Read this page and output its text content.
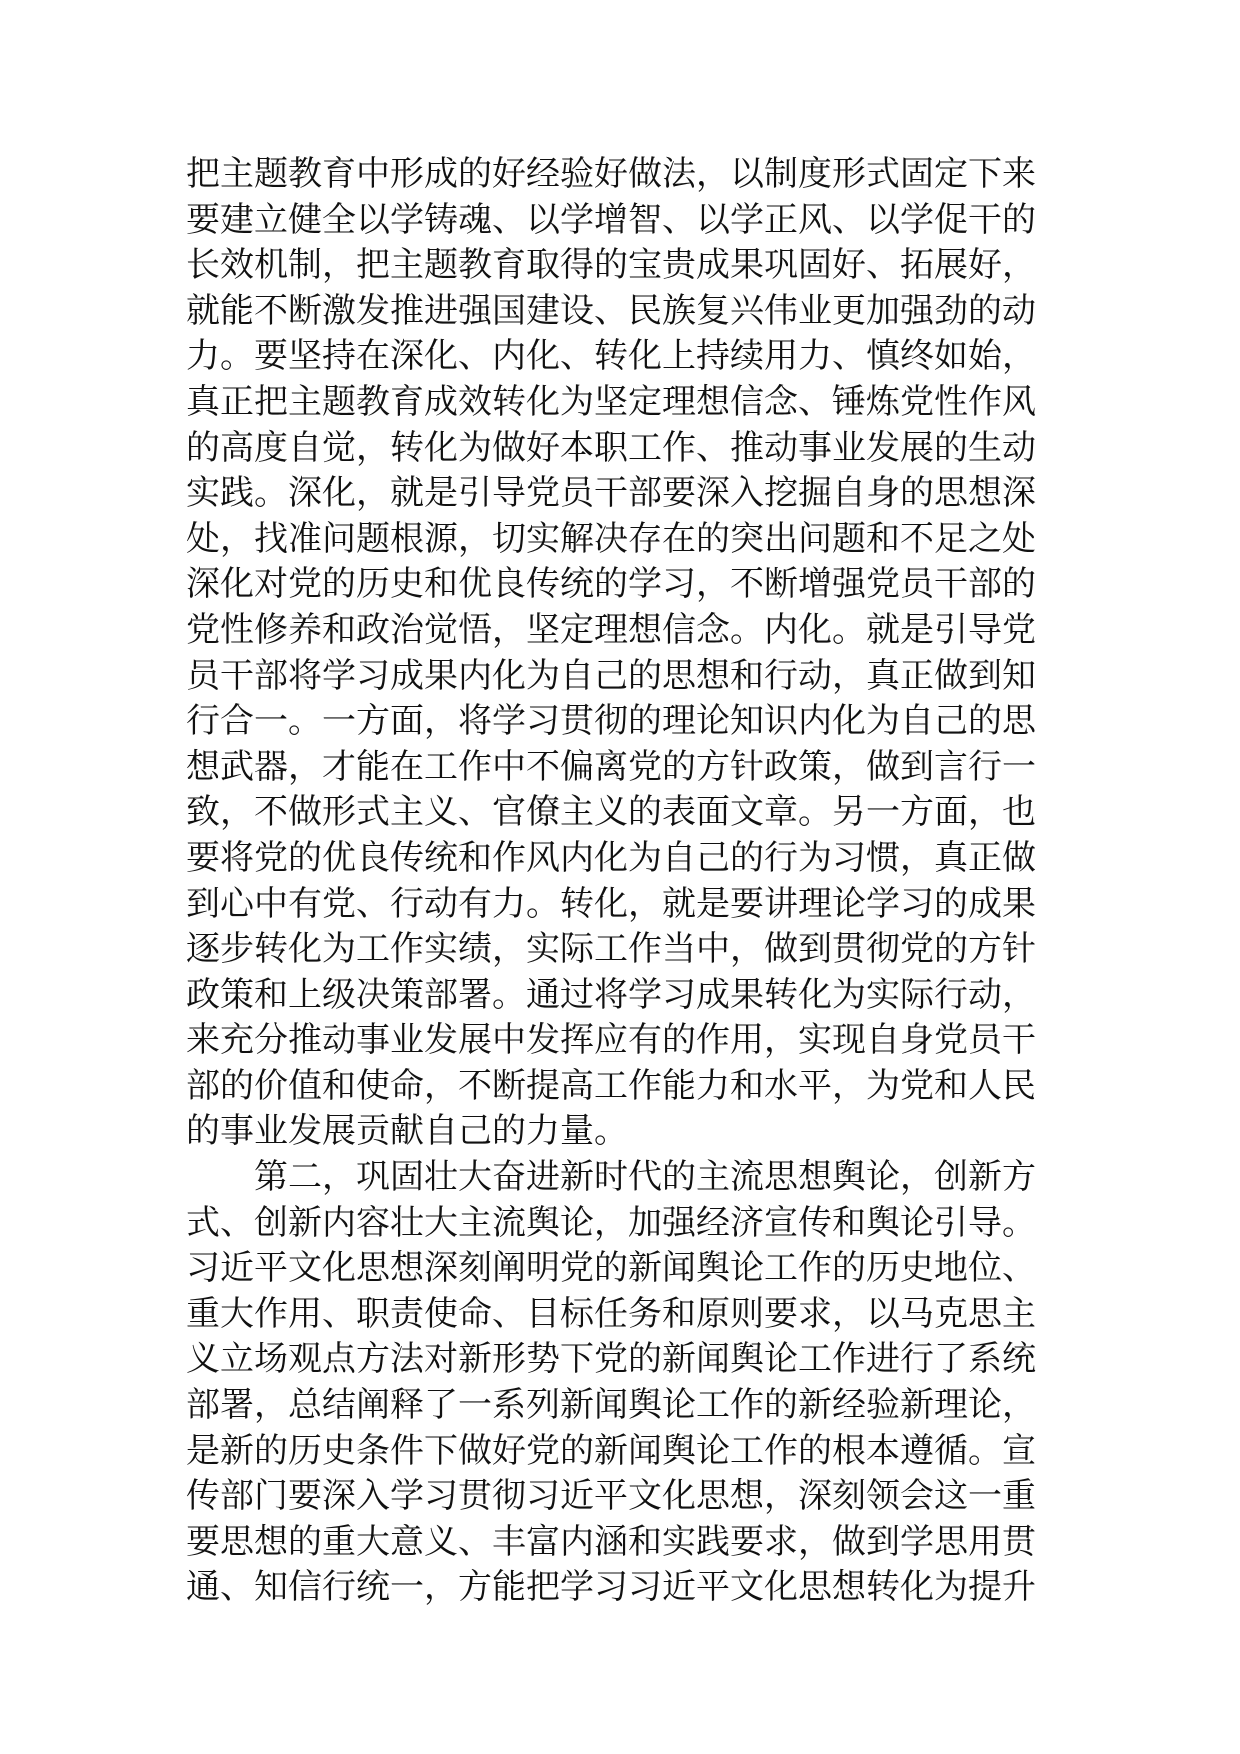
把主题教育中形成的好经验好做法，以制度形式固定下来
要建立健全以学铸魂、以学增智、以学正风、以学促干的
长效机制，把主题教育取得的宝贵成果巩固好、拓展好，
就能不断激发推进强国建设、民族复兴伟业更加强劲的动
力。要坚持在深化、内化、转化上持续用力、慎终如始，
真正把主题教育成效转化为坚定理想信念、锤炼党性作风
的高度自觉，转化为做好本职工作、推动事业发展的生动
实践。深化，就是引导党员干部要深入挖掘自身的思想深
处，找准问题根源，切实解决存在的突出问题和不足之处
深化对党的历史和优良传统的学习，不断增强党员干部的
党性修养和政治觉悟，坚定理想信念。内化。就是引导党
员干部将学习成果内化为自己的思想和行动，真正做到知
行合一。一方面，将学习贯彻的理论知识内化为自己的思
想武器，才能在工作中不偏离党的方针政策，做到言行一
致，不做形式主义、官僚主义的表面文章。另一方面，也
要将党的优良传统和作风内化为自己的行为习惯，真正做
到心中有党、行动有力。转化，就是要讲理论学习的成果
逐步转化为工作实绩，实际工作当中，做到贯彻党的方针
政策和上级决策部署。通过将学习成果转化为实际行动，
来充分推动事业发展中发挥应有的作用，实现自身党员干
部的价值和使命，不断提高工作能力和水平，为党和人民
的事业发展贡献自己的力量。
第二，巩固壮大奋进新时代的主流思想舆论，创新方
式、创新内容壮大主流舆论，加强经济宣传和舆论引导。
习近平文化思想深刻阐明党的新闻舆论工作的历史地位、
重大作用、职责使命、目标任务和原则要求，以马克思主
义立场观点方法对新形势下党的新闻舆论工作进行了系统
部署，总结阐释了一系列新闻舆论工作的新经验新理论，
是新的历史条件下做好党的新闻舆论工作的根本遵循。宣
传部门要深入学习贯彻习近平文化思想，深刻领会这一重
要思想的重大意义、丰富内涵和实践要求，做到学思用贯
通、知信行统一，方能把学习习近平文化思想转化为提升
